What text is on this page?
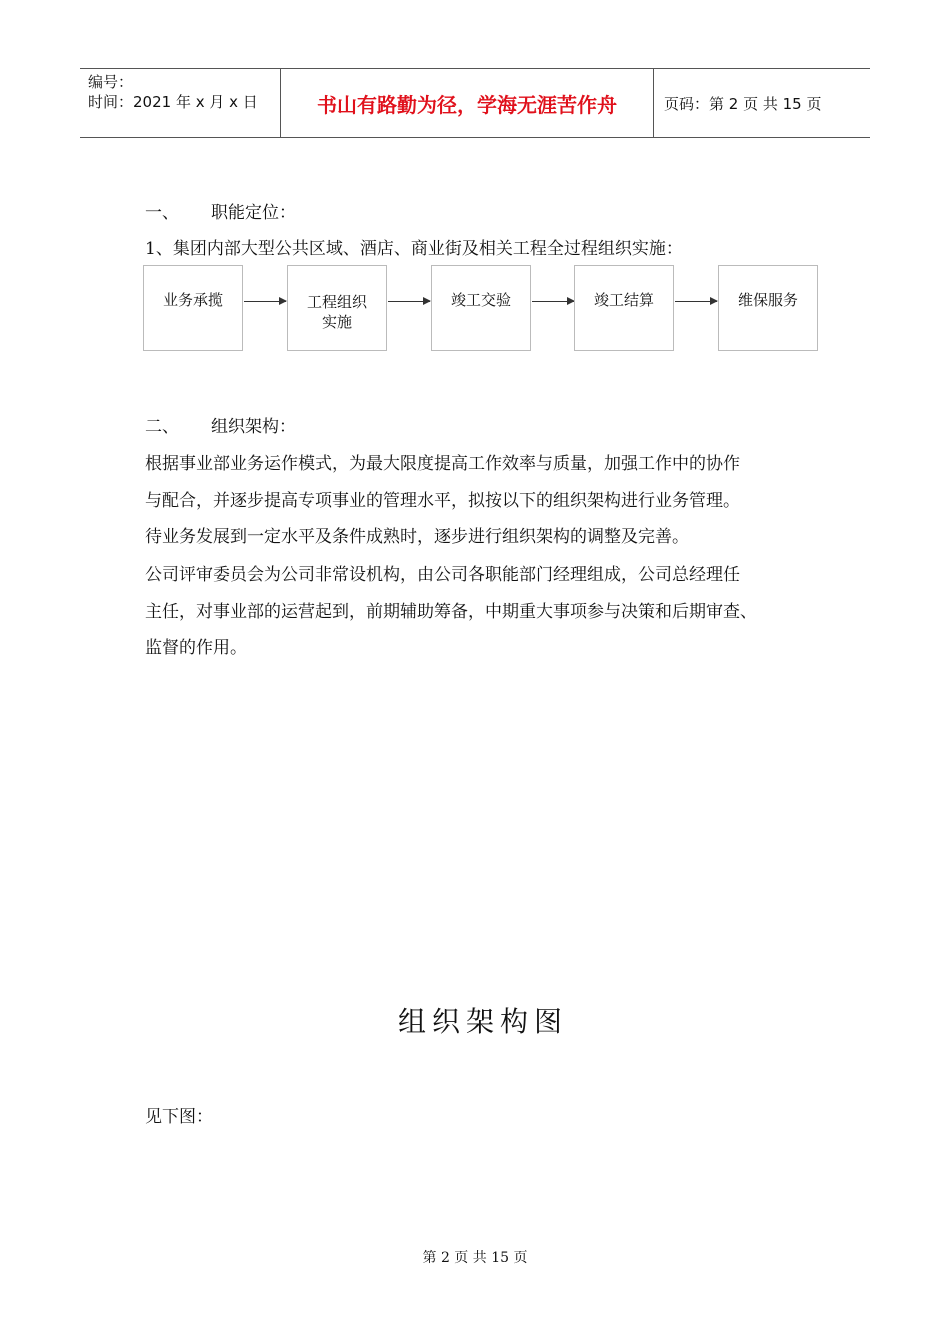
编号：
时间：2021 年 x 月 x 日	书山有路勤为径，学海无涯苦作舟	页码：第 2 页 共 15 页
一、 职能定位：
1、集团内部大型公共区域、酒店、商业街及相关工程全过程组织实施：
业务承揽	工程组织
实施
竣工交验	竣工结算	维保服务
二、 组织架构：
根据事业部业务运作模式，为最大限度提高工作效率与质量，加强工作中的协作
与配合，并逐步提高专项事业的管理水平，拟按以下的组织架构进行业务管理。
待业务发展到一定水平及条件成熟时，逐步进行组织架构的调整及完善。
公司评审委员会为公司非常设机构，由公司各职能部门经理组成，公司总经理任
主任，对事业部的运营起到，前期辅助筹备，中期重大事项参与决策和后期审查、
监督的作用。
组织架构图
见下图：
第 2 页 共 15 页
